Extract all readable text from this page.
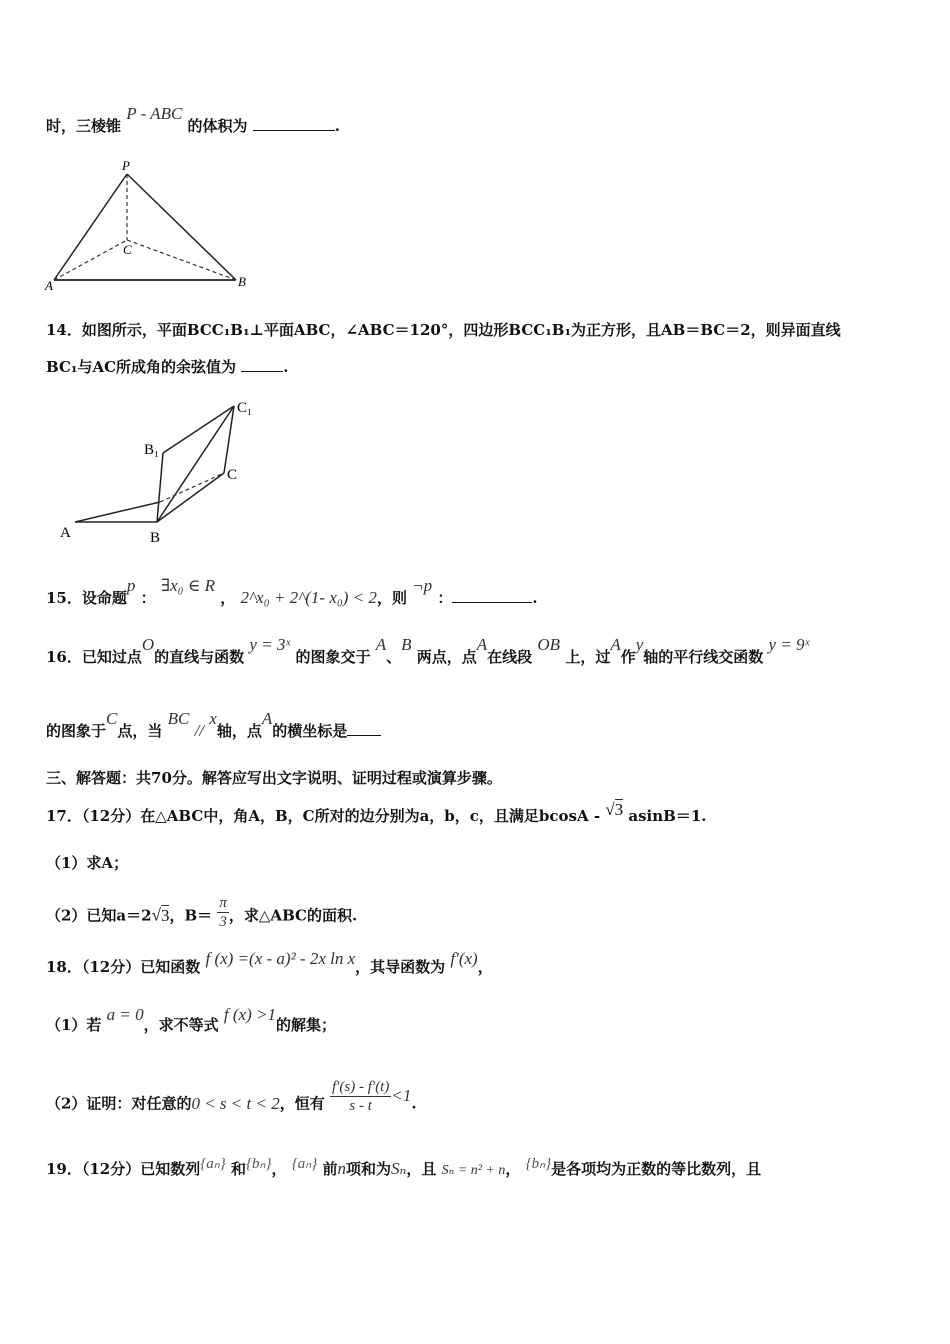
时，三棱锥 P - ABC 的体积为	.
P
C
A	B
14．如图所示，平面BCC₁B₁⊥平面ABC，∠ABC＝120°，四边形BCC₁B₁为正方形，且AB＝BC＝2，则异面直线
BC₁与AC所成角的余弦值为	.
C₁
B₁
C
A	B
15．设命题p ： ∃x₀ ∈ R ， 2^x₀ + 2^(1- x₀) < 2，则 ¬p ：	.
16．已知过点O的直线与函数 y = 3ˣ 的图象交于 A、B 两点，点A在线段 OB 上，过A作y轴的平行线交函数 y = 9ˣ
的图象于C点，当 BC // x轴，点A的横坐标是
三、解答题：共70分。解答应写出文字说明、证明过程或演算步骤。
17．（12分）在△ABC中，角A，B，C所对的边分别为a，b，c，且满足bcosA - √3 asinB＝1.
（1）求A；
（2）已知a＝2√3，$B= \frac{\pi}{3}$ ，求△ABC的面积.
18．（12分）已知函数 f (x) =(x - a)² - 2x ln x，其导函数为 f′(x)，
（1）若 a = 0，求不等式 f (x) >1的解集；
（2）证明：对任意的0 < s < t < 2，恒有 $\frac{f'(s) - f'(t)}{s - t} <1$.
19．（12分）已知数列{aₙ} 和{bₙ}， {aₙ} 前n项和为Sₙ，且 Sₙ = n² + n， {bₙ}是各项均为正数的等比数列，且
